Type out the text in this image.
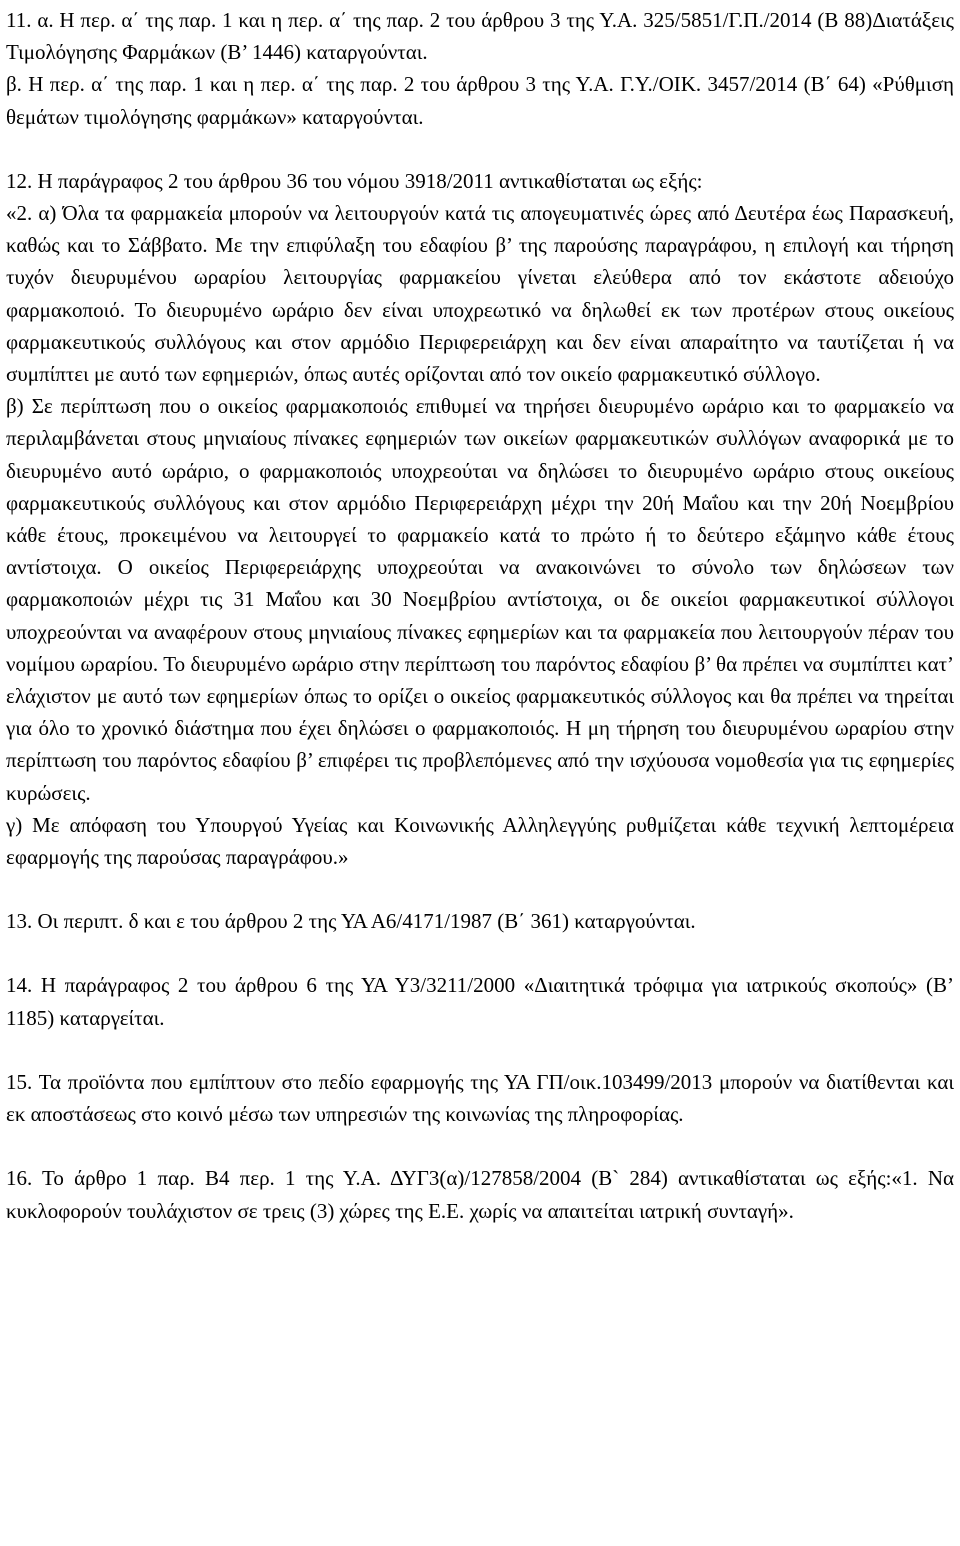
11. α. Η περ. α΄ της παρ. 1 και η περ. α΄ της παρ. 2 του άρθρου 3 της Υ.Α. 325/5851/Γ.Π./2014 (Β 88)Διατάξεις Τιμολόγησης Φαρμάκων (Β’ 1446) καταργούνται.

β. Η περ. α΄ της παρ. 1 και η περ. α΄ της παρ. 2 του άρθρου 3 της Υ.Α. Γ.Υ./ΟΙΚ. 3457/2014 (Β΄ 64) «Ρύθμιση θεμάτων τιμολόγησης φαρμάκων» καταργούνται.

12. Η παράγραφος 2 του άρθρου 36 του νόμου 3918/2011 αντικαθίσταται ως εξής:

«2. α) Όλα τα φαρμακεία μπορούν να λειτουργούν κατά τις απογευματινές ώρες από Δευτέρα έως Παρασκευή, καθώς και το Σάββατο. Με την επιφύλαξη του εδαφίου β’ της παρούσης παραγράφου, η επιλογή και τήρηση τυχόν διευρυμένου ωραρίου λειτουργίας φαρμακείου γίνεται ελεύθερα από τον εκάστοτε αδειούχο φαρμακοποιό. Το διευρυμένο ωράριο δεν είναι υποχρεωτικό να δηλωθεί εκ των προτέρων στους οικείους φαρμακευτικούς συλλόγους και στον αρμόδιο Περιφερειάρχη και δεν είναι απαραίτητο να ταυτίζεται ή να συμπίπτει με αυτό των εφημεριών, όπως αυτές ορίζονται από τον οικείο φαρμακευτικό σύλλογο.

β) Σε περίπτωση που ο οικείος φαρμακοποιός επιθυμεί να τηρήσει διευρυμένο ωράριο και το φαρμακείο να περιλαμβάνεται στους μηνιαίους πίνακες εφημεριών των οικείων φαρμακευτικών συλλόγων αναφορικά με το διευρυμένο αυτό ωράριο, ο φαρμακοποιός υποχρεούται να δηλώσει το διευρυμένο ωράριο στους οικείους φαρμακευτικούς συλλόγους και στον αρμόδιο Περιφερειάρχη μέχρι την 20ή Μαΐου και την 20ή Νοεμβρίου κάθε έτους, προκειμένου να λειτουργεί το φαρμακείο κατά το πρώτο ή το δεύτερο εξάμηνο κάθε έτους αντίστοιχα. Ο οικείος Περιφερειάρχης υποχρεούται να ανακοινώνει το σύνολο των δηλώσεων των φαρμακοποιών μέχρι τις 31 Μαΐου και 30 Νοεμβρίου αντίστοιχα, οι δε οικείοι φαρμακευτικοί σύλλογοι υποχρεούνται να αναφέρουν στους μηνιαίους πίνακες εφημερίων και τα φαρμακεία που λειτουργούν πέραν του νομίμου ωραρίου. Το διευρυμένο ωράριο στην περίπτωση του παρόντος εδαφίου β’ θα πρέπει να συμπίπτει κατ’ ελάχιστον με αυτό των εφημερίων όπως το ορίζει ο οικείος φαρμακευτικός σύλλογος και θα πρέπει να τηρείται για όλο το χρονικό διάστημα που έχει δηλώσει ο φαρμακοποιός. Η μη τήρηση του διευρυμένου ωραρίου στην περίπτωση του παρόντος εδαφίου β’ επιφέρει τις προβλεπόμενες από την ισχύουσα νομοθεσία για τις εφημερίες κυρώσεις.

γ) Με απόφαση του Υπουργού Υγείας και Κοινωνικής Αλληλεγγύης ρυθμίζεται κάθε τεχνική λεπτομέρεια εφαρμογής της παρούσας παραγράφου.»

13. Οι περιπτ. δ και ε του άρθρου 2 της ΥΑ Α6/4171/1987 (Β΄ 361) καταργούνται.

14. Η παράγραφος 2 του άρθρου 6 της ΥΑ Υ3/3211/2000 «Διαιτητικά τρόφιμα για ιατρικούς σκοπούς» (Β’ 1185) καταργείται.

15. Τα προϊόντα που εμπίπτουν στο πεδίο εφαρμογής της ΥΑ ΓΠ/οικ.103499/2013 μπορούν να διατίθενται και εκ αποστάσεως στο κοινό μέσω των υπηρεσιών της κοινωνίας της πληροφορίας.

16. Το άρθρο 1 παρ. Β4 περ. 1 της Υ.Α. ΔΥΓ3(α)/127858/2004 (Β` 284) αντικαθίσταται ως εξής:«1. Να κυκλοφορούν τουλάχιστον σε τρεις (3) χώρες της Ε.Ε. χωρίς να απαιτείται ιατρική συνταγή».
